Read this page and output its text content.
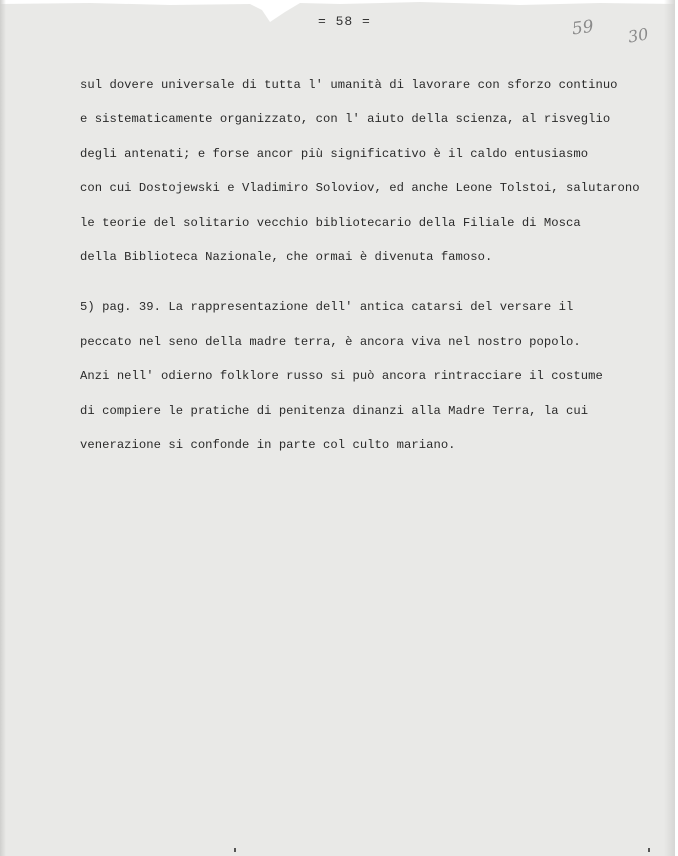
= 58 =	59 30
sul dovere universale di tutta l' umanità di lavorare con sforzo continuo
e sistematicamente organizzato, con l' aiuto della scienza, al risveglio
degli antenati; e forse ancor più significativo è il caldo entusiasmo
con cui Dostojewski e Vladimiro Soloviov, ed anche Leone Tolstoi, salutarono
le teorie del solitario vecchio bibliotecario della Filiale di Mosca
della Biblioteca Nazionale, che ormai è divenuta famoso.
5) pag. 39. La rappresentazione dell' antica catarsi del versare il
peccato nel seno della madre terra, è ancora viva nel nostro popolo.
Anzi nell' odierno folklore russo si può ancora rintracciare il costume
di compiere le pratiche di penitenza dinanzi alla Madre Terra, la cui
venerazione si confonde in parte col culto mariano.
